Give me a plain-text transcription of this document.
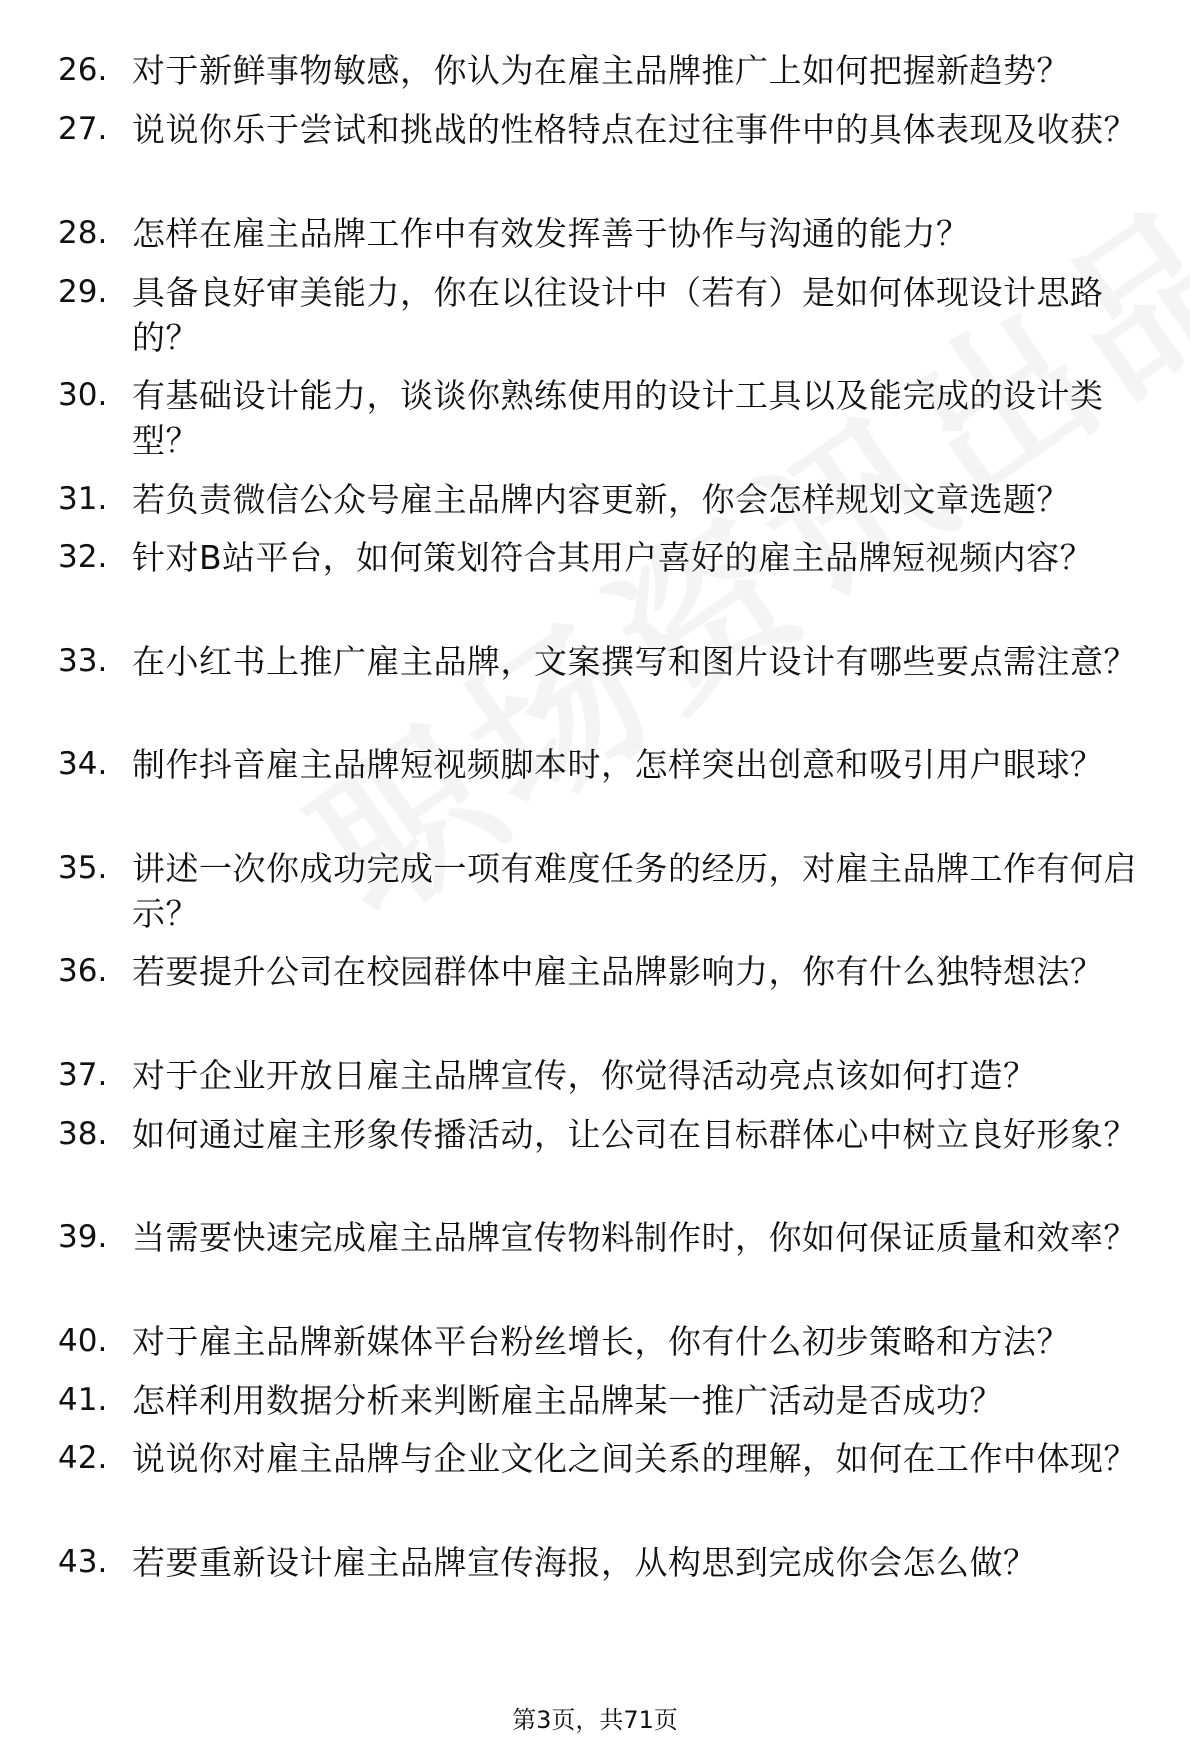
26. 对于新鲜事物敏感，你认为在雇主品牌推广上如何把握新趋势？
27. 说说你乐于尝试和挑战的性格特点在过往事件中的具体表现及收获？
28. 怎样在雇主品牌工作中有效发挥善于协作与沟通的能力？
29. 具备良好审美能力，你在以往设计中（若有）是如何体现设计思路的？
30. 有基础设计能力，谈谈你熟练使用的设计工具以及能完成的设计类型？
31. 若负责微信公众号雇主品牌内容更新，你会怎样规划文章选题？
32. 针对B站平台，如何策划符合其用户喜好的雇主品牌短视频内容？
33. 在小红书上推广雇主品牌，文案撰写和图片设计有哪些要点需注意？
34. 制作抖音雇主品牌短视频脚本时，怎样突出创意和吸引用户眼球？
35. 讲述一次你成功完成一项有难度任务的经历，对雇主品牌工作有何启示？
36. 若要提升公司在校园群体中雇主品牌影响力，你有什么独特想法？
37. 对于企业开放日雇主品牌宣传，你觉得活动亮点该如何打造？
38. 如何通过雇主形象传播活动，让公司在目标群体心中树立良好形象？
39. 当需要快速完成雇主品牌宣传物料制作时，你如何保证质量和效率？
40. 对于雇主品牌新媒体平台粉丝增长，你有什么初步策略和方法？
41. 怎样利用数据分析来判断雇主品牌某一推广活动是否成功？
42. 说说你对雇主品牌与企业文化之间关系的理解，如何在工作中体现？
43. 若要重新设计雇主品牌宣传海报，从构思到完成你会怎么做？
第3页，共71页
